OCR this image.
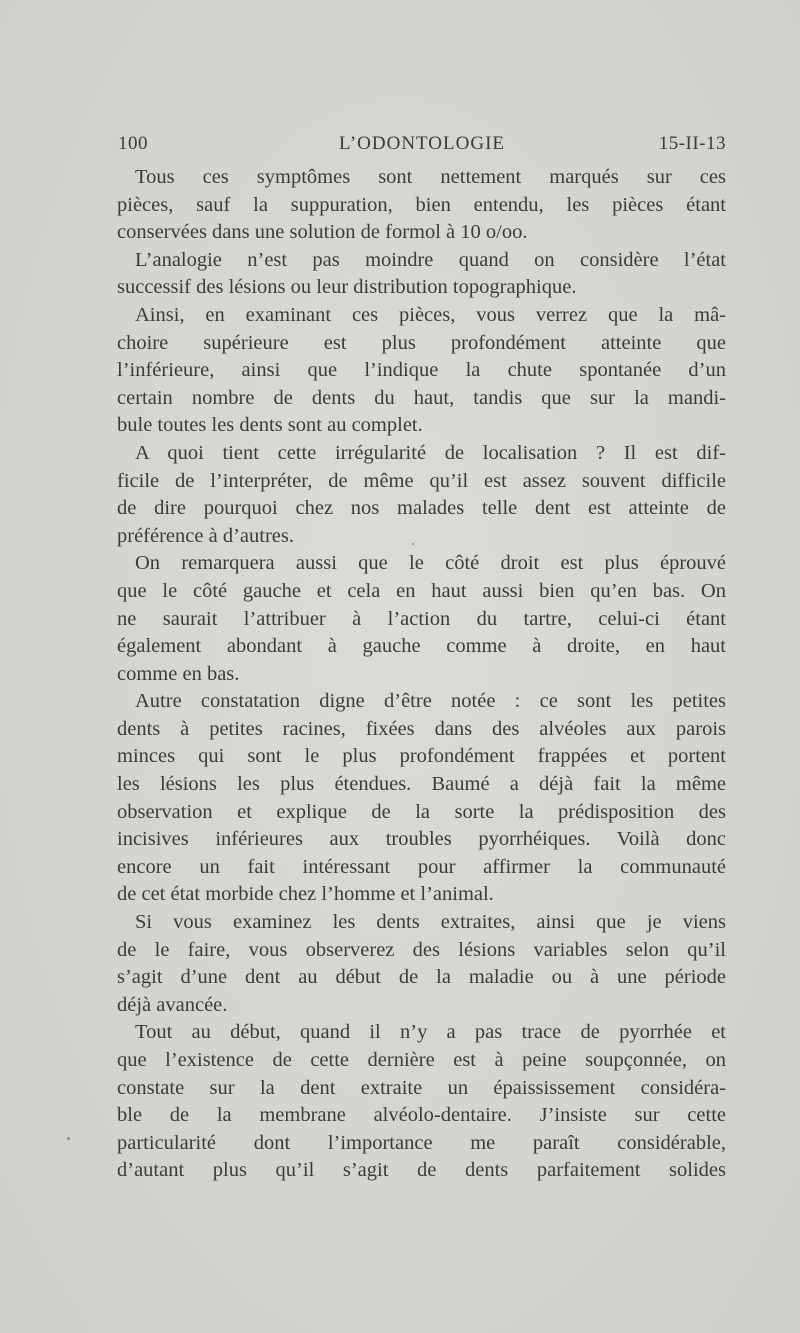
100	L’ODONTOLOGIE	15-II-13
Tous ces symptômes sont nettement marqués sur ces
pièces, sauf la suppuration, bien entendu, les pièces étant
conservées dans une solution de formol à 10 o/oo.
L’analogie n’est pas moindre quand on considère l’état
successif des lésions ou leur distribution topographique.
Ainsi, en examinant ces pièces, vous verrez que la mâ-
choire supérieure est plus profondément atteinte que
l’inférieure, ainsi que l’indique la chute spontanée d’un
certain nombre de dents du haut, tandis que sur la mandi-
bule toutes les dents sont au complet.
A quoi tient cette irrégularité de localisation ? Il est dif-
ficile de l’interpréter, de même qu’il est assez souvent difficile
de dire pourquoi chez nos malades telle dent est atteinte de
préférence à d’autres.
On remarquera aussi que le côté droit est plus éprouvé
que le côté gauche et cela en haut aussi bien qu’en bas. On
ne saurait l’attribuer à l’action du tartre, celui-ci étant
également abondant à gauche comme à droite, en haut
comme en bas.
Autre constatation digne d’être notée : ce sont les petites
dents à petites racines, fixées dans des alvéoles aux parois
minces qui sont le plus profondément frappées et portent
les lésions les plus étendues. Baumé a déjà fait la même
observation et explique de la sorte la prédisposition des
incisives inférieures aux troubles pyorrhéiques. Voilà donc
encore un fait intéressant pour affirmer la communauté
de cet état morbide chez l’homme et l’animal.
Si vous examinez les dents extraites, ainsi que je viens
de le faire, vous observerez des lésions variables selon qu’il
s’agit d’une dent au début de la maladie ou à une période
déjà avancée.
Tout au début, quand il n’y a pas trace de pyorrhée et
que l’existence de cette dernière est à peine soupçonnée, on
constate sur la dent extraite un épaississement considéra-
ble de la membrane alvéolo-dentaire. J’insiste sur cette
particularité dont l’importance me paraît considérable,
d’autant plus qu’il s’agit de dents parfaitement solides
